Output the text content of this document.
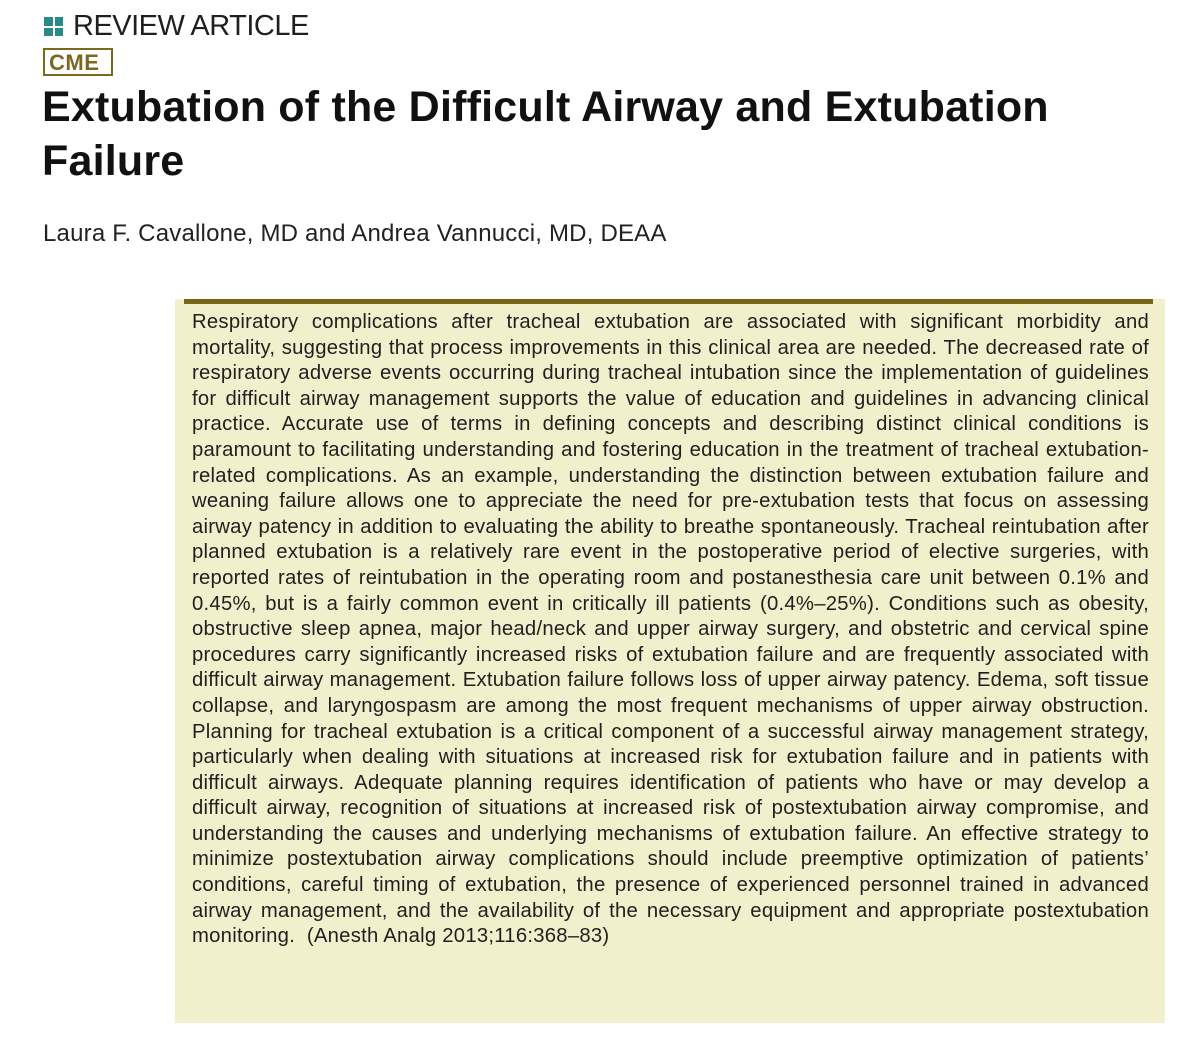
REVIEW ARTICLE
CME
Extubation of the Difficult Airway and Extubation Failure
Laura F. Cavallone, MD and Andrea Vannucci, MD, DEAA

Respiratory complications after tracheal extubation are associated with significant morbidity and mortality, suggesting that process improvements in this clinical area are needed. The decreased rate of respiratory adverse events occurring during tracheal intubation since the implementation of guidelines for difficult airway management supports the value of education and guidelines in advancing clinical practice. Accurate use of terms in defining concepts and describing distinct clinical conditions is paramount to facilitating understanding and fostering education in the treatment of tracheal extubation-related complications. As an example, understanding the distinction between extubation failure and weaning failure allows one to appreciate the need for pre-extubation tests that focus on assessing airway patency in addition to evaluating the ability to breathe spontaneously. Tracheal reintubation after planned extubation is a relatively rare event in the postoperative period of elective surgeries, with reported rates of reintubation in the operating room and postanesthesia care unit between 0.1% and 0.45%, but is a fairly common event in critically ill patients (0.4%–25%). Conditions such as obesity, obstructive sleep apnea, major head/neck and upper airway surgery, and obstetric and cervical spine procedures carry significantly increased risks of extubation failure and are frequently associated with difficult airway management. Extubation failure follows loss of upper airway patency. Edema, soft tissue collapse, and laryngospasm are among the most frequent mechanisms of upper airway obstruction. Planning for tracheal extubation is a critical component of a successful airway management strategy, particularly when dealing with situations at increased risk for extubation failure and in patients with difficult airways. Adequate planning requires identification of patients who have or may develop a difficult airway, recognition of situations at increased risk of postextubation airway compromise, and understanding the causes and underlying mechanisms of extubation failure. An effective strategy to minimize postextubation airway complications should include preemptive optimization of patients’ conditions, careful timing of extubation, the presence of experienced personnel trained in advanced airway management, and the availability of the necessary equipment and appropriate postextubation monitoring. (Anesth Analg 2013;116:368–83)
